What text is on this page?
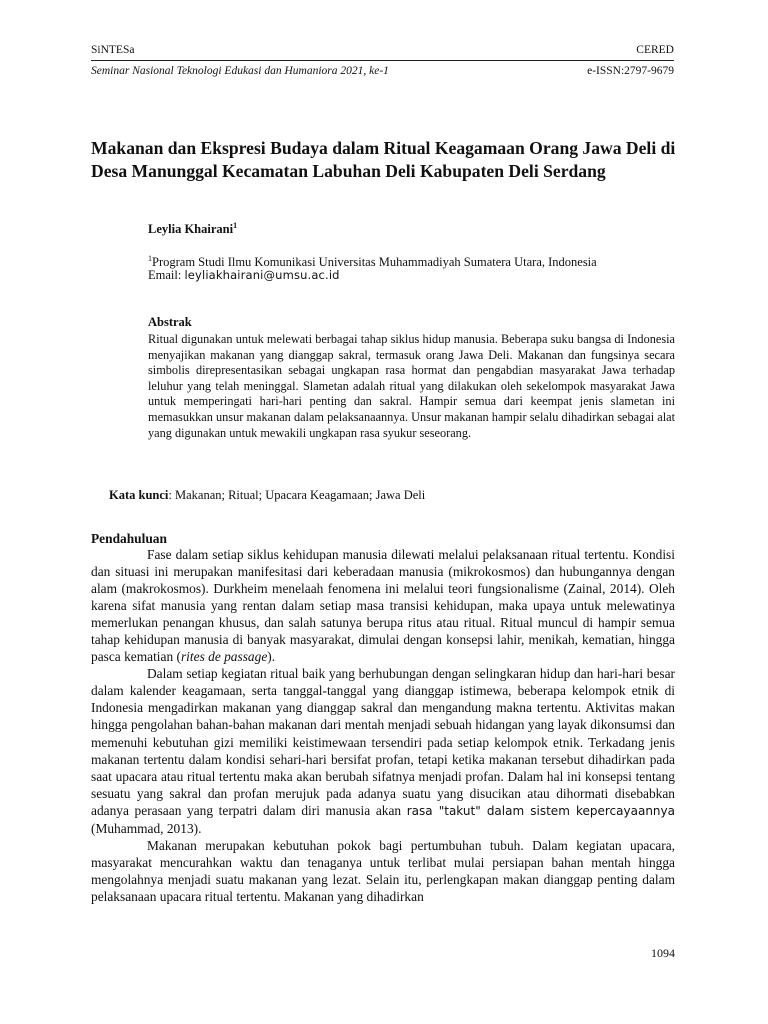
SiNTESa	CERED
Seminar Nasional Teknologi Edukasi dan Humaniora 2021, ke-1	e-ISSN:2797-9679
Makanan dan Ekspresi Budaya dalam Ritual Keagamaan Orang Jawa Deli di Desa Manunggal Kecamatan Labuhan Deli Kabupaten Deli Serdang
Leylia Khairani$^1$
$^1$Program Studi Ilmu Komunikasi Universitas Muhammadiyah Sumatera Utara, Indonesia
Email: leyliakhairani@umsu.ac.id
Abstrak

Ritual digunakan untuk melewati berbagai tahap siklus hidup manusia. Beberapa suku bangsa di Indonesia menyajikan makanan yang dianggap sakral, termasuk orang Jawa Deli. Makanan dan fungsinya secara simbolis direpresentasikan sebagai ungkapan rasa hormat dan pengabdian masyarakat Jawa terhadap leluhur yang telah meninggal. Slametan adalah ritual yang dilakukan oleh sekelompok masyarakat Jawa untuk memperingati hari-hari penting dan sakral. Hampir semua dari keempat jenis slametan ini memasukkan unsur makanan dalam pelaksanaannya. Unsur makanan hampir selalu dihadirkan sebagai alat yang digunakan untuk mewakili ungkapan rasa syukur seseorang.

Kata kunci: Makanan; Ritual; Upacara Keagamaan; Jawa Deli
Pendahuluan

Fase dalam setiap siklus kehidupan manusia dilewati melalui pelaksanaan ritual tertentu. Kondisi dan situasi ini merupakan manifesitasi dari keberadaan manusia (mikrokosmos) dan hubungannya dengan alam (makrokosmos). Durkheim menelaah fenomena ini melalui teori fungsionalisme (Zainal, 2014). Oleh karena sifat manusia yang rentan dalam setiap masa transisi kehidupan, maka upaya untuk melewatinya memerlukan penangan khusus, dan salah satunya berupa ritus atau ritual. Ritual muncul di hampir semua tahap kehidupan manusia di banyak masyarakat, dimulai dengan konsepsi lahir, menikah, kematian, hingga pasca kematian (rites de passage).

Dalam setiap kegiatan ritual baik yang berhubungan dengan selingkaran hidup dan hari-hari besar dalam kalender keagamaan, serta tanggal-tanggal yang dianggap istimewa, beberapa kelompok etnik di Indonesia mengadirkan makanan yang dianggap sakral dan mengandung makna tertentu. Aktivitas makan hingga pengolahan bahan-bahan makanan dari mentah menjadi sebuah hidangan yang layak dikonsumsi dan memenuhi kebutuhan gizi memiliki keistimewaan tersendiri pada setiap kelompok etnik. Terkadang jenis makanan tertentu dalam kondisi sehari-hari bersifat profan, tetapi ketika makanan tersebut dihadirkan pada saat upacara atau ritual tertentu maka akan berubah sifatnya menjadi profan. Dalam hal ini konsepsi tentang sesuatu yang sakral dan profan merujuk pada adanya suatu yang disucikan atau dihormati disebabkan adanya perasaan yang terpatri dalam diri manusia akan rasa "takut" dalam sistem kepercayaannya (Muhammad, 2013).

Makanan merupakan kebutuhan pokok bagi pertumbuhan tubuh. Dalam kegiatan upacara, masyarakat mencurahkan waktu dan tenaganya untuk terlibat mulai persiapan bahan mentah hingga mengolahnya menjadi suatu makanan yang lezat. Selain itu, perlengkapan makan dianggap penting dalam pelaksanaan upacara ritual tertentu. Makanan yang dihadirkan

1094
